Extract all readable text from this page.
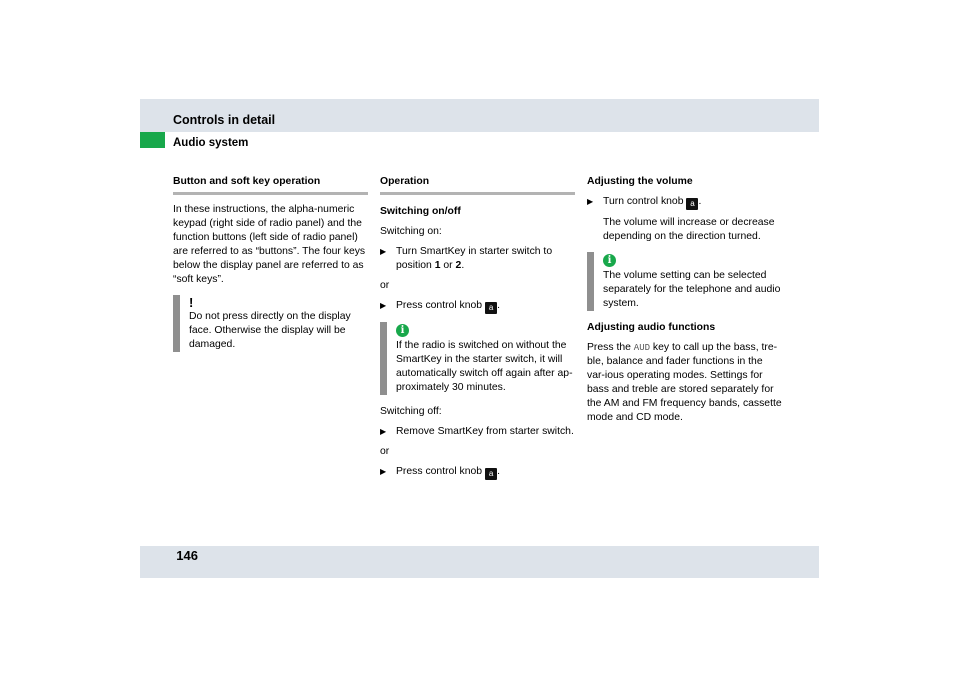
Controls in detail
Audio system
Button and soft key operation

In these instructions, the alpha-numeric keypad (right side of radio panel) and the function buttons (left side of radio panel) are referred to as “buttons”. The four keys below the display panel are referred to as “soft keys”.

!

Do not press directly on the display face. Otherwise the display will be damaged.

Operation

Switching on/off

Switching on:

▶ Turn SmartKey in starter switch to position 1 or 2.

or

▶ Press control knob a .
i

If the radio is switched on without the SmartKey in the starter switch, it will automatically switch off again after ap-proximately 30 minutes.

Switching off:

▶ Remove SmartKey from starter switch.

or

▶ Press control knob a .
Adjusting the volume
▶ Turn control knob a .

The volume will increase or decrease depending on the direction turned.

i

The volume setting can be selected separately for the telephone and audio system.

Adjusting audio functions

Press the AUD key to call up the bass, tre-ble, balance and fader functions in the var-ious operating modes. Settings for bass and treble are stored separately for the AM and FM frequency bands, cassette mode and CD mode.

146
